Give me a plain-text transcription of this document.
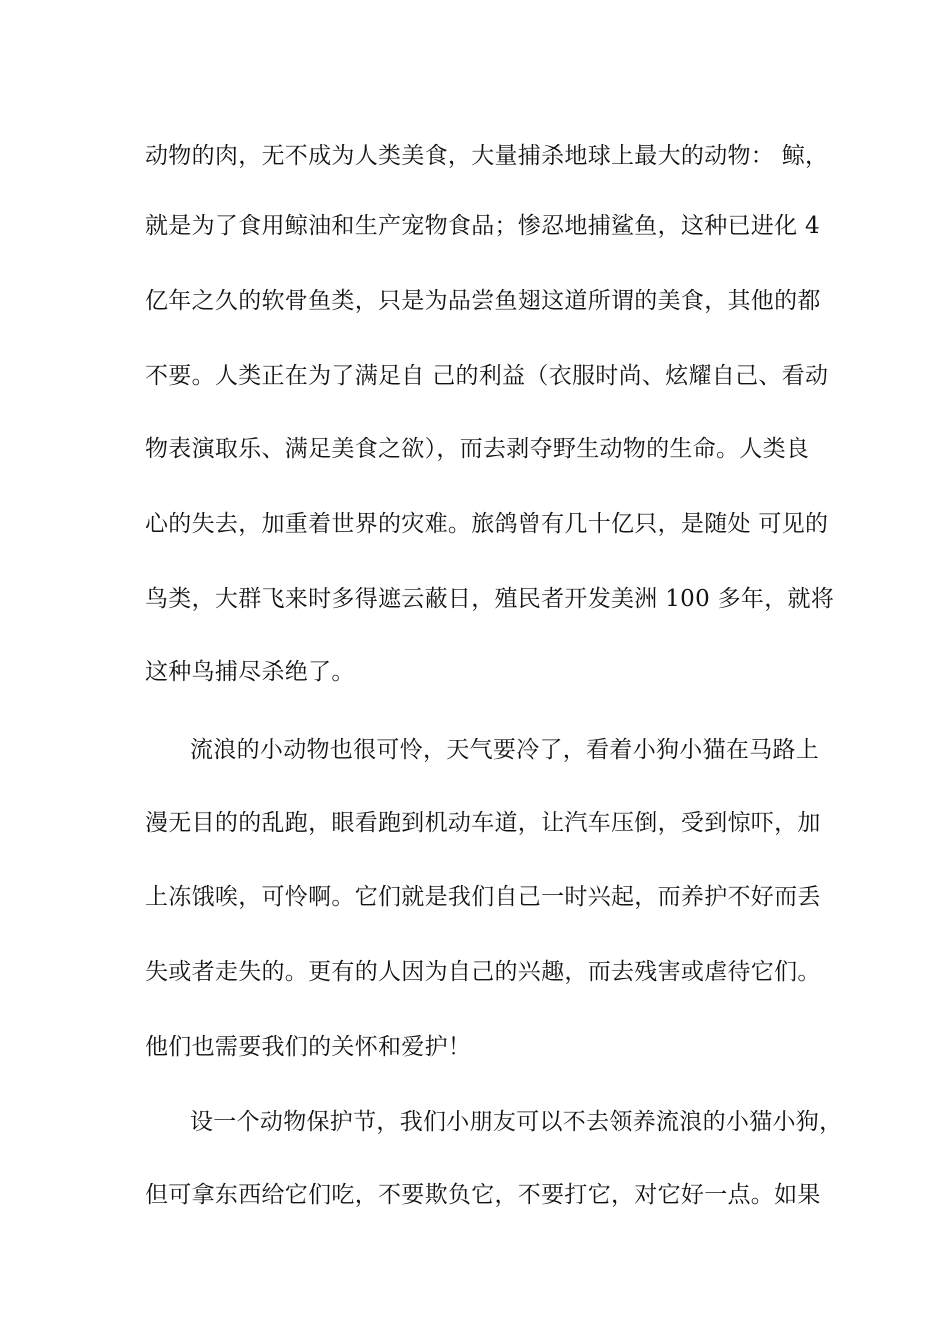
动物的肉，无不成为人类美食，大量捕杀地球上最大的动物： 鲸，
就是为了食用鲸油和生产宠物食品；惨忍地捕鲨鱼，这种已进化 4
亿年之久的软骨鱼类，只是为品尝鱼翅这道所谓的美食，其他的都
不要。人类正在为了满足自 己的利益（衣服时尚、炫耀自己、看动
物表演取乐、满足美食之欲），而去剥夺野生动物的生命。人类良
心的失去，加重着世界的灾难。旅鸽曾有几十亿只，是随处 可见的
鸟类，大群飞来时多得遮云蔽日，殖民者开发美洲 100 多年，就将
这种鸟捕尽杀绝了。
流浪的小动物也很可怜，天气要冷了，看着小狗小猫在马路上
漫无目的的乱跑，眼看跑到机动车道，让汽车压倒，受到惊吓，加
上冻饿唉，可怜啊。它们就是我们自己一时兴起，而养护不好而丢
失或者走失的。更有的人因为自己的兴趣，而去残害或虐待它们。
他们也需要我们的关怀和爱护！
设一个动物保护节，我们小朋友可以不去领养流浪的小猫小狗，
但可拿东西给它们吃，不要欺负它，不要打它，对它好一点。如果
